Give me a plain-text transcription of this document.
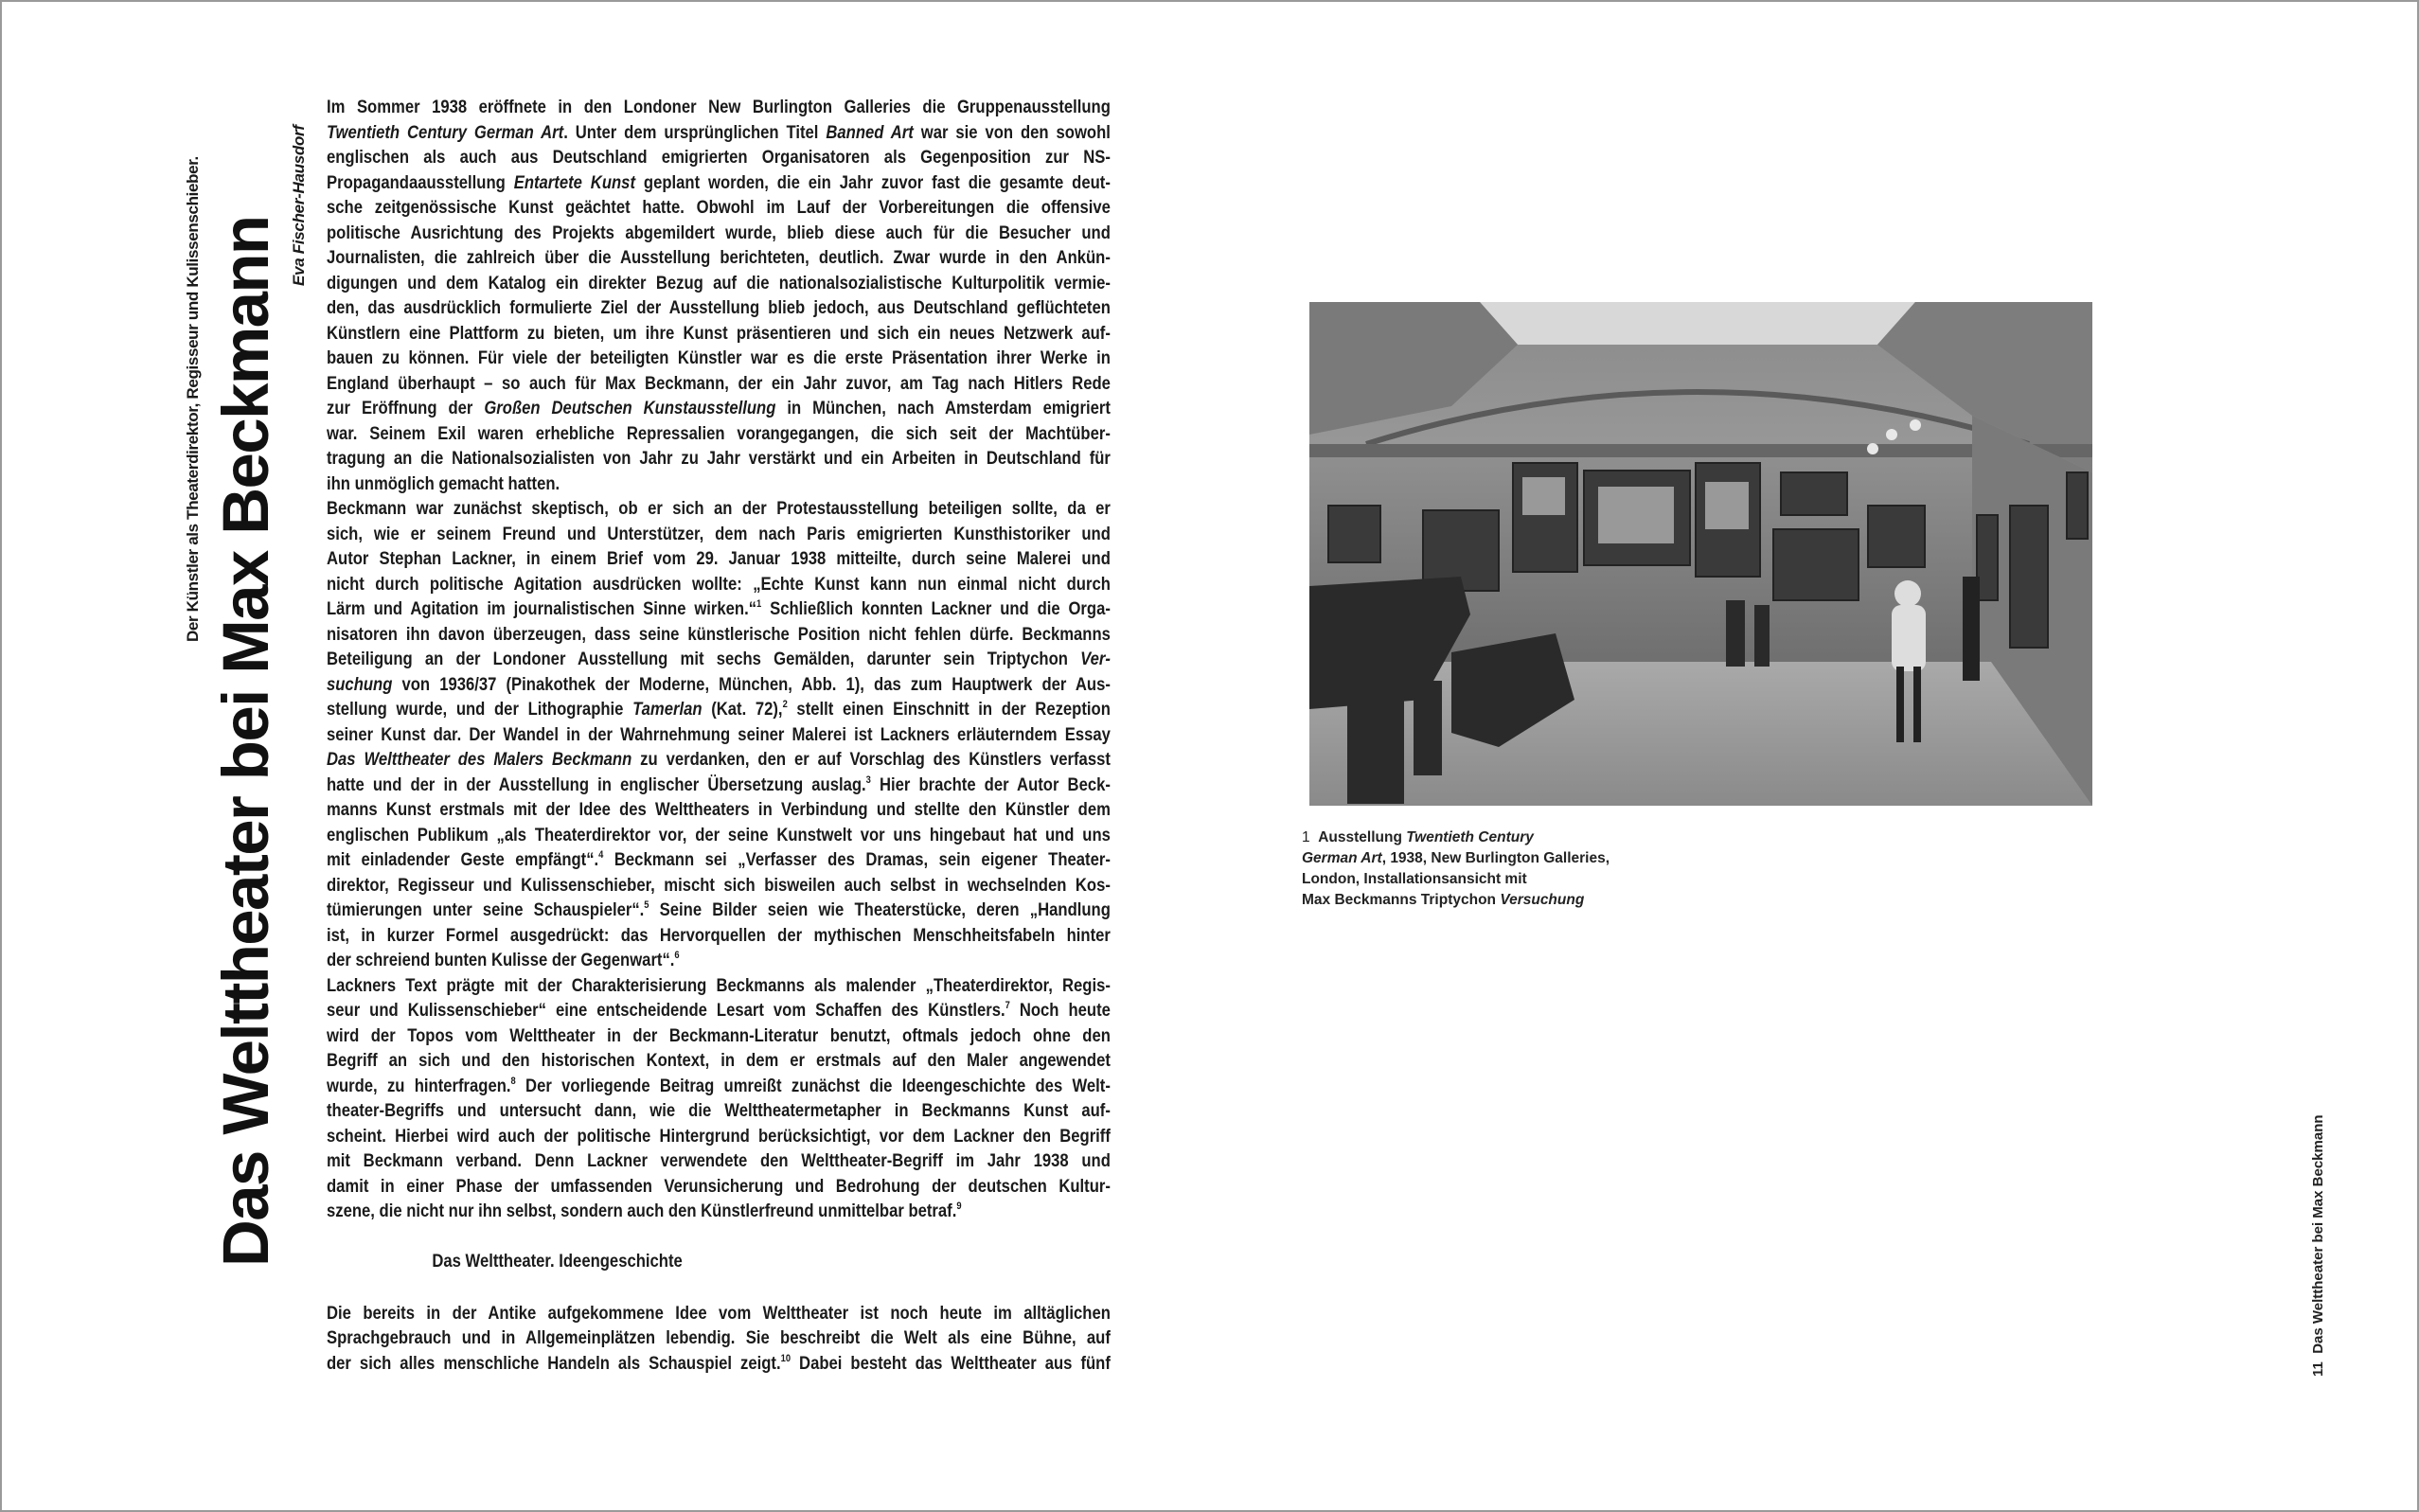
Der Künstler als Theaterdirektor, Regisseur und Kulissenschieber. Das Welttheater bei Max Beckmann
Eva Fischer-Hausdorf
Im Sommer 1938 eröffnete in den Londoner New Burlington Galleries die Gruppenausstellung
Twentieth Century German Art. Unter dem ursprünglichen Titel Banned Art war sie von den sowohl
englischen als auch aus Deutschland emigrierten Organisatoren als Gegenposition zur NS-
Propagandaausstellung Entartete Kunst geplant worden, die ein Jahr zuvor fast die gesamte deut-
sche zeitgenössische Kunst geächtet hatte. Obwohl im Lauf der Vorbereitungen die offensive
politische Ausrichtung des Projekts abgemildert wurde, blieb diese auch für die Besucher und
Journalisten, die zahlreich über die Ausstellung berichteten, deutlich. Zwar wurde in den Ankün-
digungen und dem Katalog ein direkter Bezug auf die nationalsozialistische Kulturpolitik vermie-
den, das ausdrücklich formulierte Ziel der Ausstellung blieb jedoch, aus Deutschland geflüchteten
Künstlern eine Plattform zu bieten, um ihre Kunst präsentieren und sich ein neues Netzwerk auf-
bauen zu können. Für viele der beteiligten Künstler war es die erste Präsentation ihrer Werke in
England überhaupt – so auch für Max Beckmann, der ein Jahr zuvor, am Tag nach Hitlers Rede
zur Eröffnung der Großen Deutschen Kunstausstellung in München, nach Amsterdam emigriert
war. Seinem Exil waren erhebliche Repressalien vorangegangen, die sich seit der Machtüber-
tragung an die Nationalsozialisten von Jahr zu Jahr verstärkt und ein Arbeiten in Deutschland für
ihn unmöglich gemacht hatten.
Beckmann war zunächst skeptisch, ob er sich an der Protestausstellung beteiligen sollte, da er
sich, wie er seinem Freund und Unterstützer, dem nach Paris emigrierten Kunsthistoriker und
Autor Stephan Lackner, in einem Brief vom 29. Januar 1938 mitteilte, durch seine Malerei und
nicht durch politische Agitation ausdrücken wollte: „Echte Kunst kann nun einmal nicht durch
Lärm und Agitation im journalistischen Sinne wirken.“$^1$ Schließlich konnten Lackner und die Orga-
nisatoren ihn davon überzeugen, dass seine künstlerische Position nicht fehlen dürfe. Beckmanns
Beteiligung an der Londoner Ausstellung mit sechs Gemälden, darunter sein Triptychon Ver-
suchung von 1936/37 (Pinakothek der Moderne, München, Abb. 1), das zum Hauptwerk der Aus-
stellung wurde, und der Lithographie Tamerlan (Kat. 72),$^2$ stellt einen Einschnitt in der Rezeption
seiner Kunst dar. Der Wandel in der Wahrnehmung seiner Malerei ist Lackners erläuterndem Essay
Das Welttheater des Malers Beckmann zu verdanken, den er auf Vorschlag des Künstlers verfasst
hatte und der in der Ausstellung in englischer Übersetzung auslag.$^3$ Hier brachte der Autor Beck-
manns Kunst erstmals mit der Idee des Welttheaters in Verbindung und stellte den Künstler dem
englischen Publikum „als Theaterdirektor vor, der seine Kunstwelt vor uns hingebaut hat und uns
mit einladender Geste empfängt“.$^4$ Beckmann sei „Verfasser des Dramas, sein eigener Theater-
direktor, Regisseur und Kulissenschieber, mischt sich bisweilen auch selbst in wechselnden Kos-
tümierungen unter seine Schauspieler“.$^5$ Seine Bilder seien wie Theaterstücke, deren „Handlung
ist, in kurzer Formel ausgedrückt: das Hervorquellen der mythischen Menschheitsfabeln hinter
der schreiend bunten Kulisse der Gegenwart“.$^6$
Lackners Text prägte mit der Charakterisierung Beckmanns als malender „Theaterdirektor, Regis-
seur und Kulissenschieber“ eine entscheidende Lesart vom Schaffen des Künstlers.$^7$ Noch heute
wird der Topos vom Welttheater in der Beckmann-Literatur benutzt, oftmals jedoch ohne den
Begriff an sich und den historischen Kontext, in dem er erstmals auf den Maler angewendet
wurde, zu hinterfragen.$^8$ Der vorliegende Beitrag umreißt zunächst die Ideengeschichte des Welt-
theater-Begriffs und untersucht dann, wie die Welttheatermetapher in Beckmanns Kunst auf-
scheint. Hierbei wird auch der politische Hintergrund berücksichtigt, vor dem Lackner den Begriff
mit Beckmann verband. Denn Lackner verwendete den Welttheater-Begriff im Jahr 1938 und
damit in einer Phase der umfassenden Verunsicherung und Bedrohung der deutschen Kultur-
szene, die nicht nur ihn selbst, sondern auch den Künstlerfreund unmittelbar betraf.$^9$
Das Welttheater. Ideengeschichte
Die bereits in der Antike aufgekommene Idee vom Welttheater ist noch heute im alltäglichen
Sprachgebrauch und in Allgemeinplätzen lebendig. Sie beschreibt die Welt als eine Bühne, auf
der sich alles menschliche Handeln als Schauspiel zeigt.$^{10}$ Dabei besteht das Welttheater aus fünf
1  Ausstellung Twentieth Century
German Art, 1938, New Burlington Galleries,
London, Installationsansicht mit
Max Beckmanns Triptychon Versuchung
11  Das Welttheater bei Max Beckmann
